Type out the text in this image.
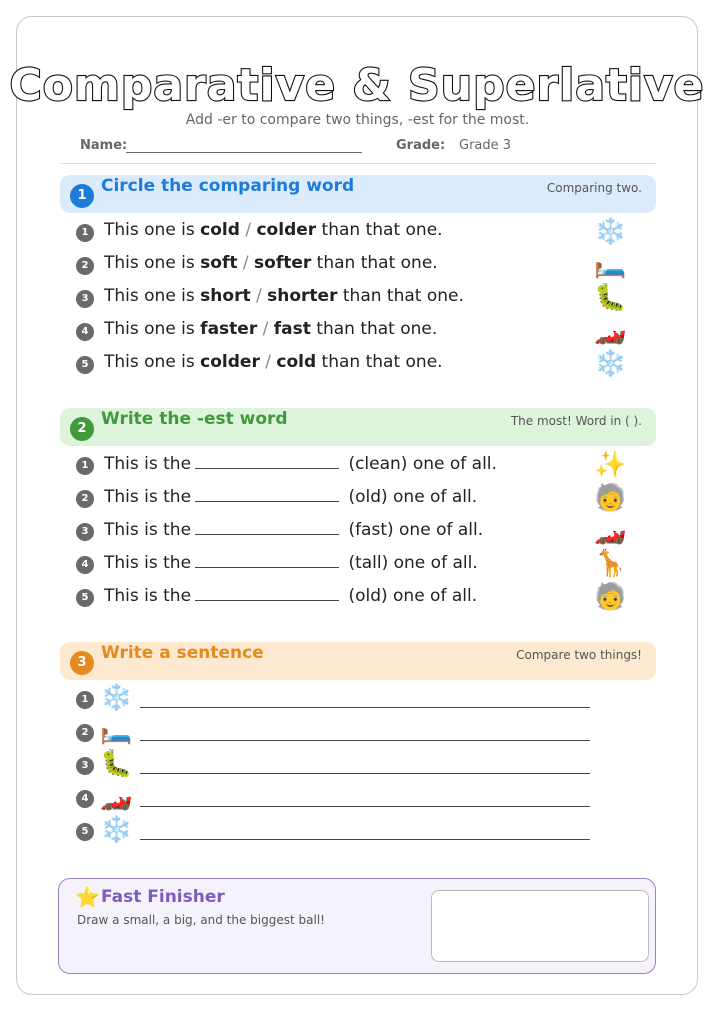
Comparative & Superlative
Add -er to compare two things, -est for the most.
Name:	Grade: Grade 3
1 Circle the comparing word	Comparing two.
1 This one is cold / colder than that one.	❄️
2 This one is soft / softer than that one.	🛏️
3 This one is short / shorter than that one.	🐛
4 This one is faster / fast than that one.	🏎️
5 This one is colder / cold than that one.	❄️
2 Write the -est word	The most! Word in ( ).
1 This is the	(clean) one of all.	✨
2 This is the	(old) one of all.	🧓
3 This is the	(fast) one of all.	🏎️
4 This is the	(tall) one of all.	🦒
5 This is the	(old) one of all.	🧓
3 Write a sentence	Compare two things!
1 ❄️
2 🛏️
3 🐛
4 🏎️
5 ❄️
⭐ Fast Finisher
Draw a small, a big, and the biggest ball!
